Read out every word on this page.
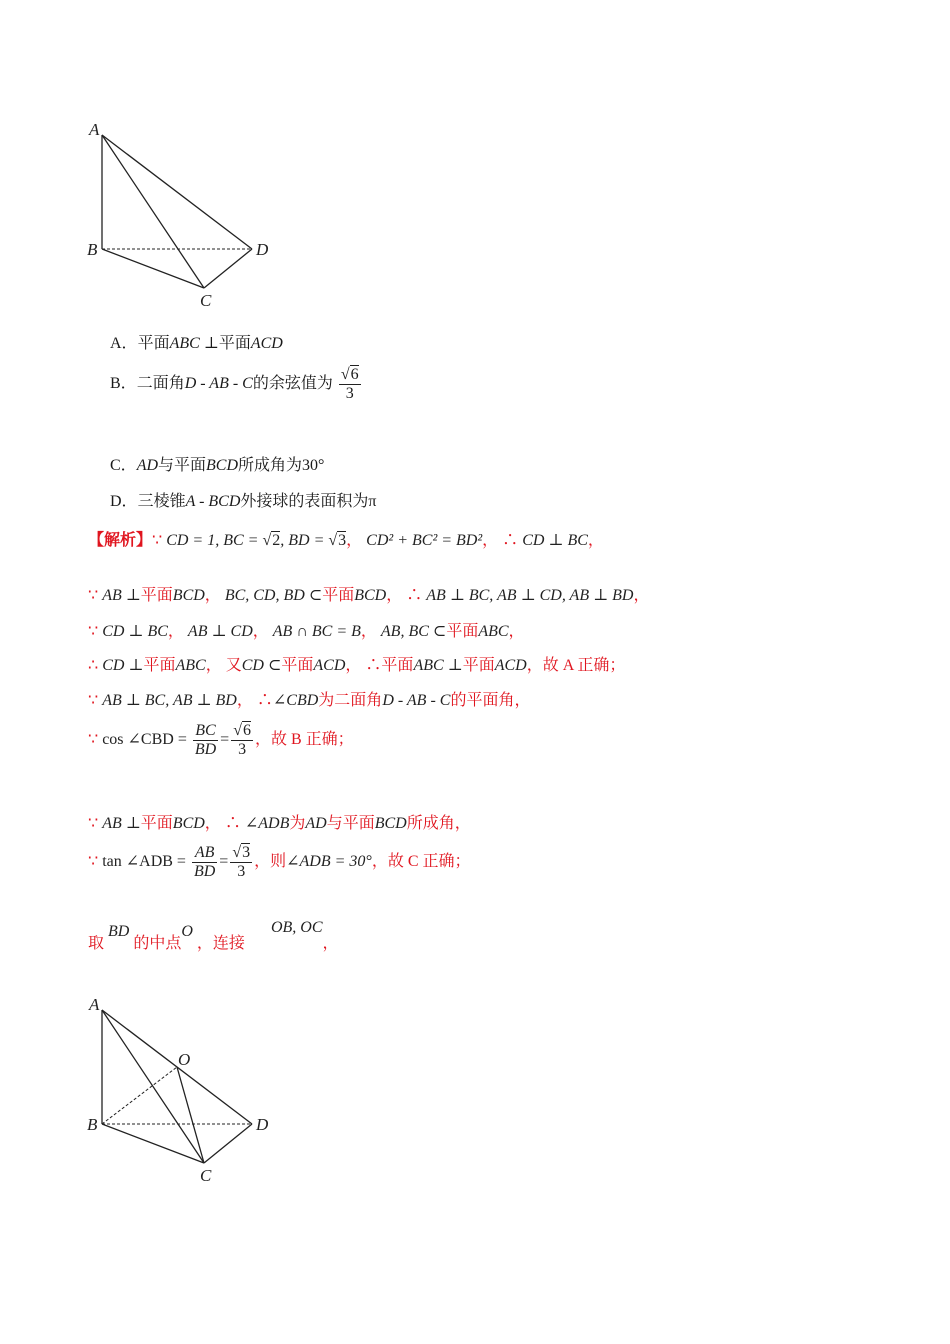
A
B
C
D
A．平面ABC ⊥平面ACD
B．二面角D - AB - C的余弦值为 $\frac{√6}{3}$
C．AD与平面BCD所成角为30°
D．三棱锥A - BCD外接球的表面积为π
【解析】∵ CD = 1, BC = √2, BD = √3， CD² + BC² = BD²， ∴ CD ⊥ BC，
∵ AB ⊥平面BCD， BC, CD, BD ⊂平面BCD， ∴ AB ⊥ BC, AB ⊥ CD, AB ⊥ BD，
∵ CD ⊥ BC， AB ⊥ CD， AB ∩ BC = B， AB, BC ⊂平面ABC，
∴ CD ⊥平面ABC， 又CD ⊂平面ACD， ∴平面ABC ⊥平面ACD，故 A 正确；
∵ AB ⊥ BC, AB ⊥ BD， ∴∠CBD为二面角D - AB - C的平面角，
∵ cos ∠CBD = $\frac{BC}{BD} = \frac{√6}{3}$ ，故 B 正确；
∵ AB ⊥平面BCD， ∴ ∠ADB为AD与平面BCD所成角，
∵ tan ∠ADB = $\frac{AB}{BD} = \frac{√3}{3}$ ，则∠ADB = 30°，故 C 正确；
取 BD 的中点O ，连接 OB, OC，
A
O
B
C
D
